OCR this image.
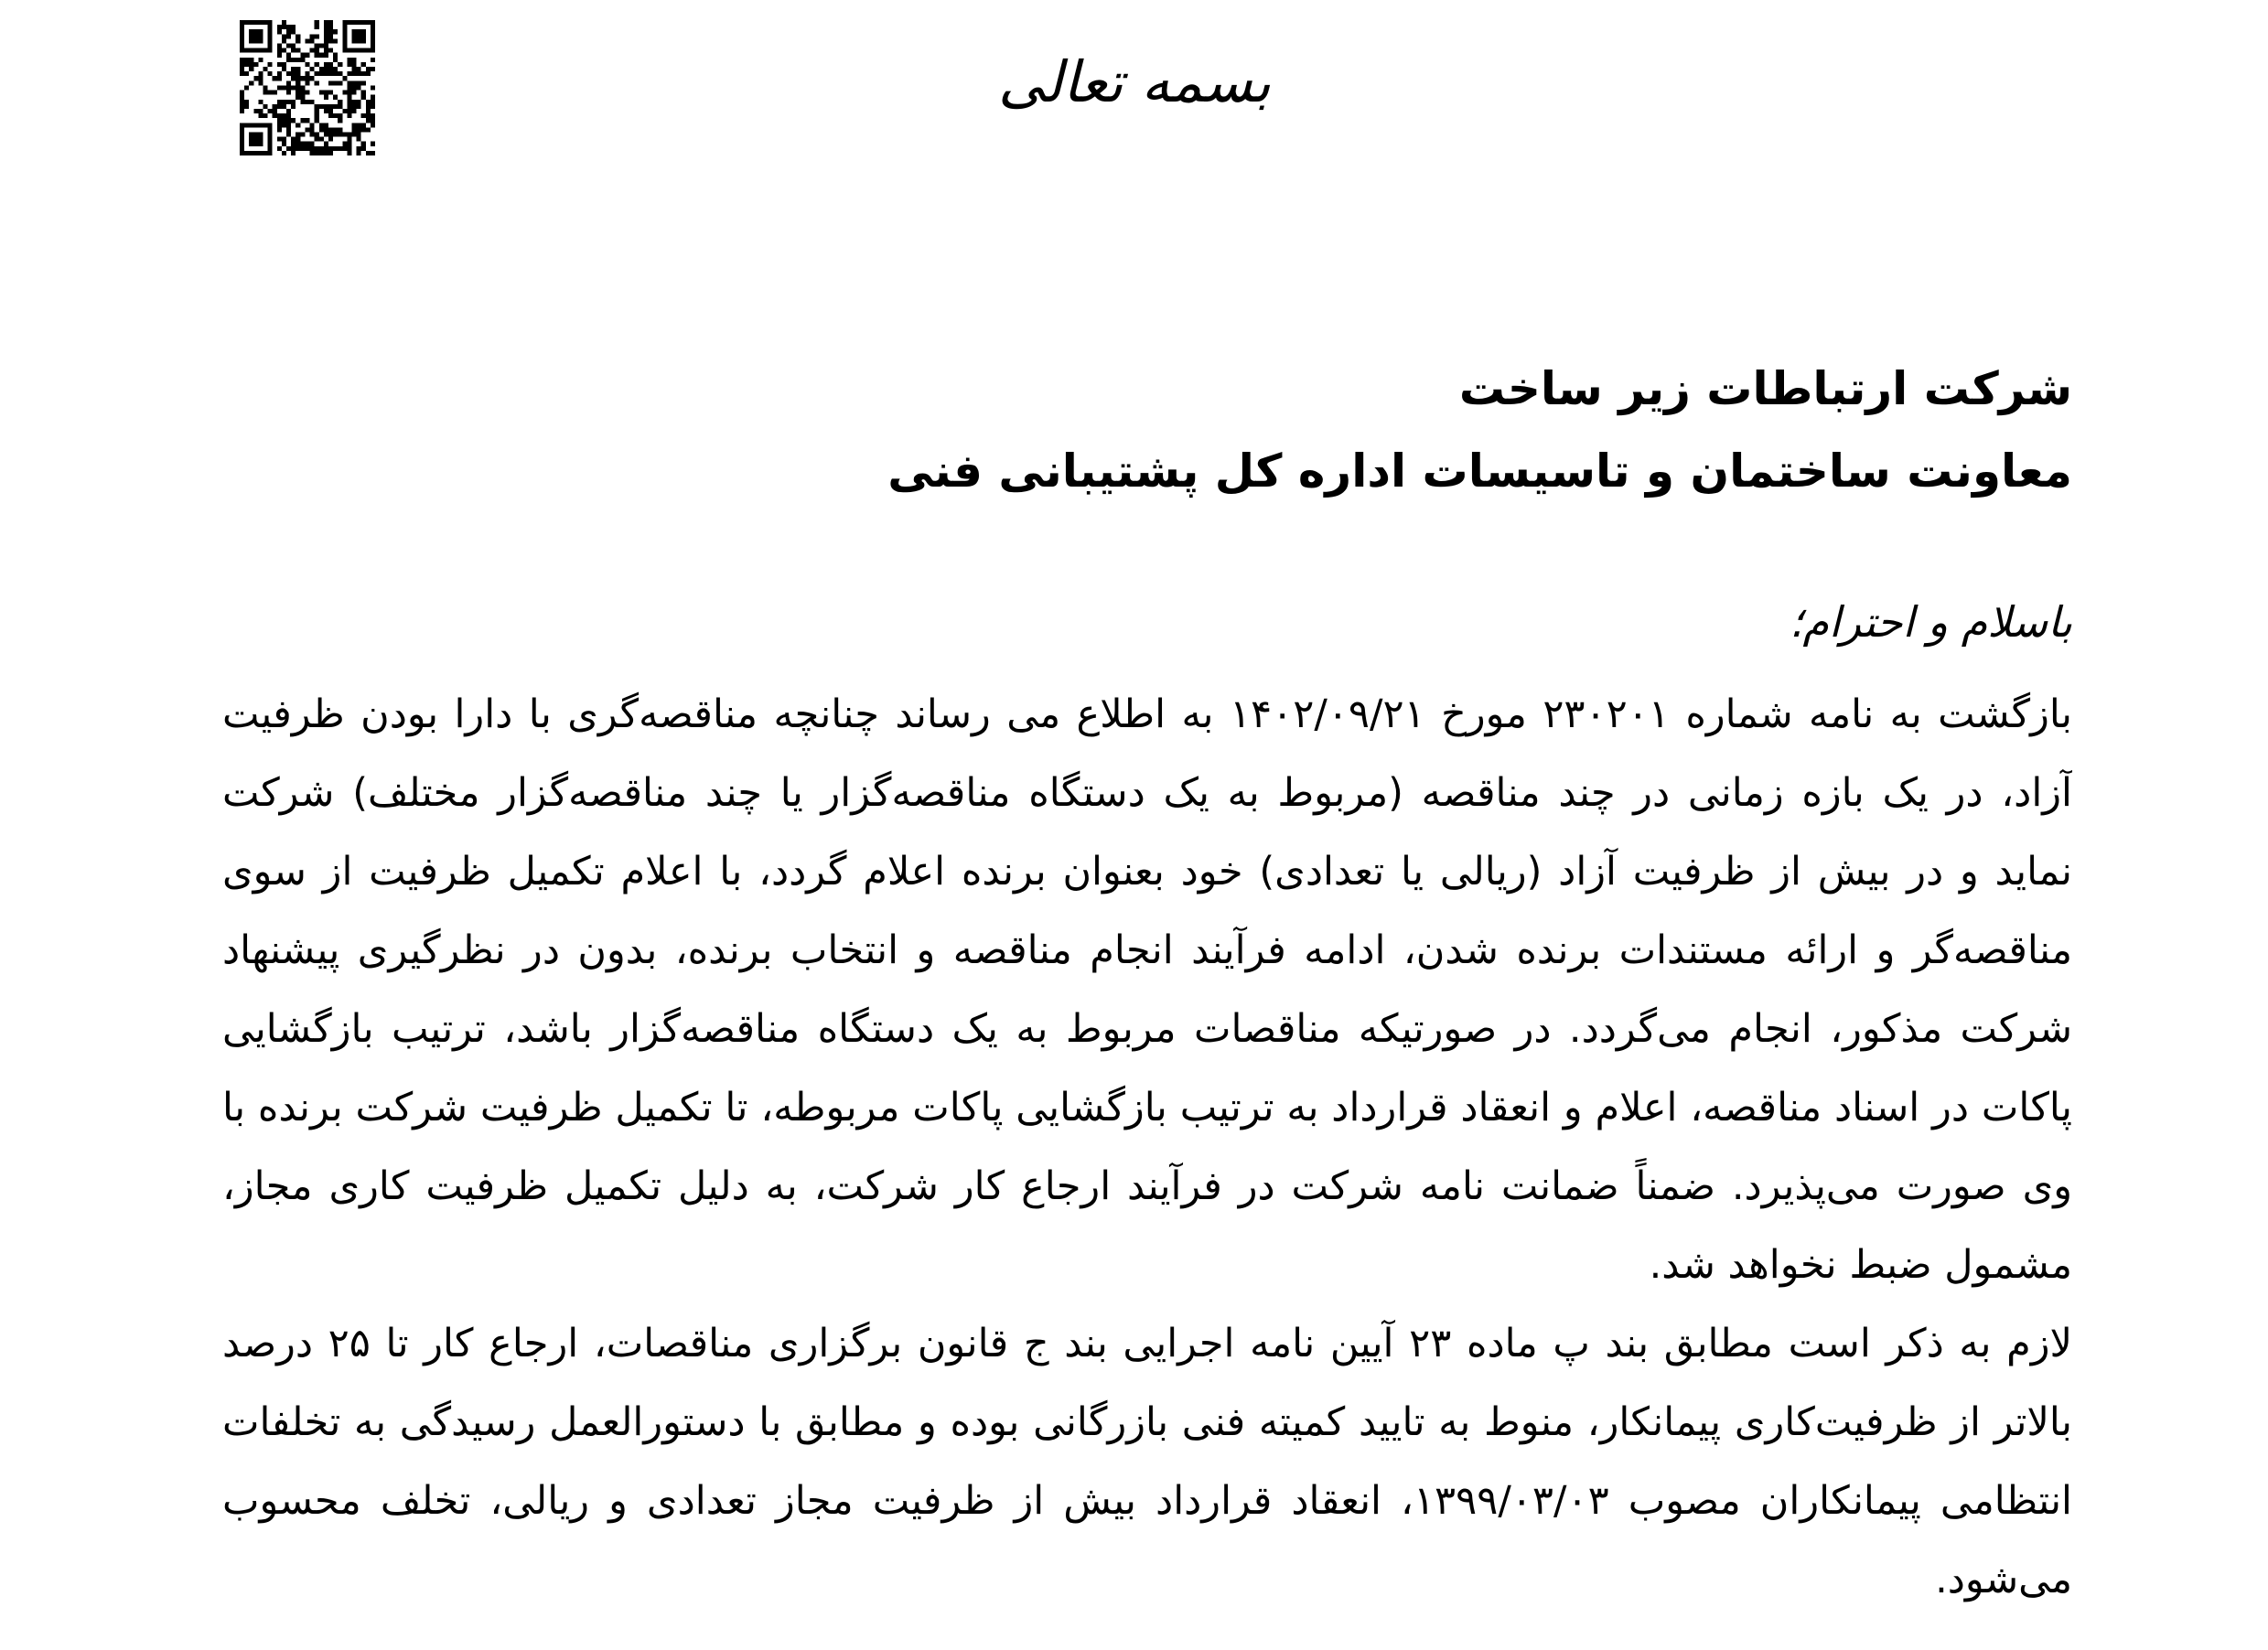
بسمه تعالی
شرکت ارتباطات زیر ساخت
معاونت ساختمان و تاسیسات اداره کل پشتیبانی فنی
باسلام و احترام؛
بازگشت به نامه شماره ۲۳۰۲۰۱ مورخ ۱۴۰۲/۰۹/۲۱ به اطلاع می رساند چنانچه مناقصه‌گری با دارا بودن ظرفیت
آزاد، در یک بازه زمانی در چند مناقصه (مربوط به یک دستگاه مناقصه‌گزار یا چند مناقصه‌گزار مختلف) شرکت
نماید و در بیش از ظرفیت آزاد (ریالی یا تعدادی) خود بعنوان برنده اعلام گردد، با اعلام تکمیل ظرفیت از سوی
مناقصه‌گر و ارائه مستندات برنده شدن، ادامه فرآیند انجام مناقصه و انتخاب برنده، بدون در نظرگیری پیشنهاد
شرکت مذکور، انجام می‌گردد. در صورتیکه مناقصات مربوط به یک دستگاه مناقصه‌گزار باشد، ترتیب بازگشایی
پاکات در اسناد مناقصه، اعلام و انعقاد قرارداد به ترتیب بازگشایی پاکات مربوطه، تا تکمیل ظرفیت شرکت برنده با
وی صورت می‌پذیرد. ضمناً ضمانت نامه شرکت در فرآیند ارجاع کار شرکت، به دلیل تکمیل ظرفیت کاری مجاز،
مشمول ضبط نخواهد شد.
لازم به ذکر است مطابق بند پ ماده ۲۳ آیین نامه اجرایی بند ج قانون برگزاری مناقصات، ارجاع کار تا ۲۵ درصد
بالاتر از ظرفیت‌کاری پیمانکار، منوط به تایید کمیته فنی بازرگانی بوده و مطابق با دستورالعمل رسیدگی به تخلفات
انتظامی پیمانکاران مصوب ۱۳۹۹/۰۳/۰۳، انعقاد قرارداد بیش از ظرفیت مجاز تعدادی و ریالی، تخلف محسوب
می‌شود.
